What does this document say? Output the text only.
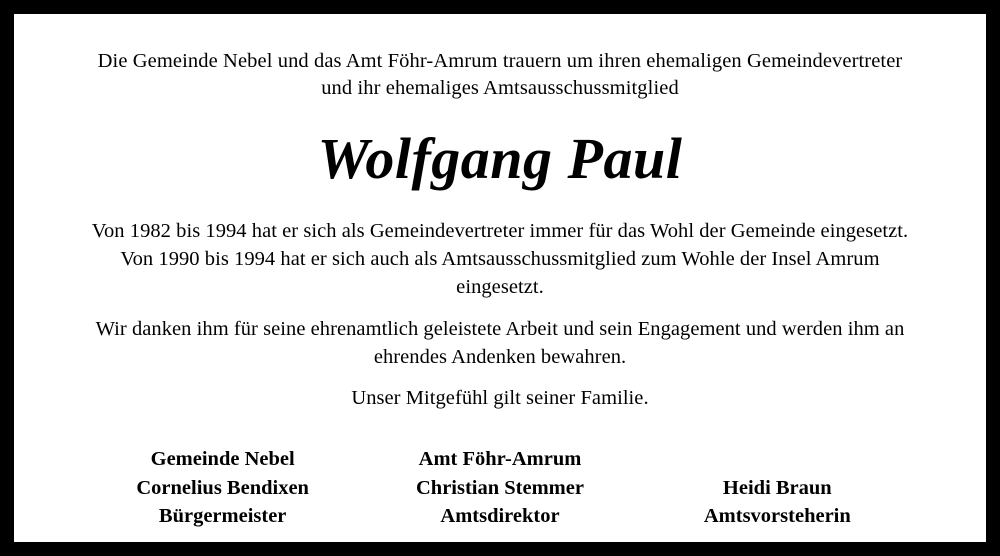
Die Gemeinde Nebel und das Amt Föhr-Amrum trauern um ihren ehemaligen Gemeindevertreter und ihr ehemaliges Amtsausschussmitglied

Wolfgang Paul

Von 1982 bis 1994 hat er sich als Gemeindevertreter immer für das Wohl der Gemeinde eingesetzt. Von 1990 bis 1994 hat er sich auch als Amtsausschussmitglied zum Wohle der Insel Amrum eingesetzt.

Wir danken ihm für seine ehrenamtlich geleistete Arbeit und sein Engagement und werden ihm an ehrendes Andenken bewahren.

Unser Mitgefühl gilt seiner Familie.

Gemeinde Nebel
Cornelius Bendixen
Bürgermeister
Amt Föhr-Amrum
Christian Stemmer
Amtsdirektor
Heidi Braun
Amtsvorsteherin
